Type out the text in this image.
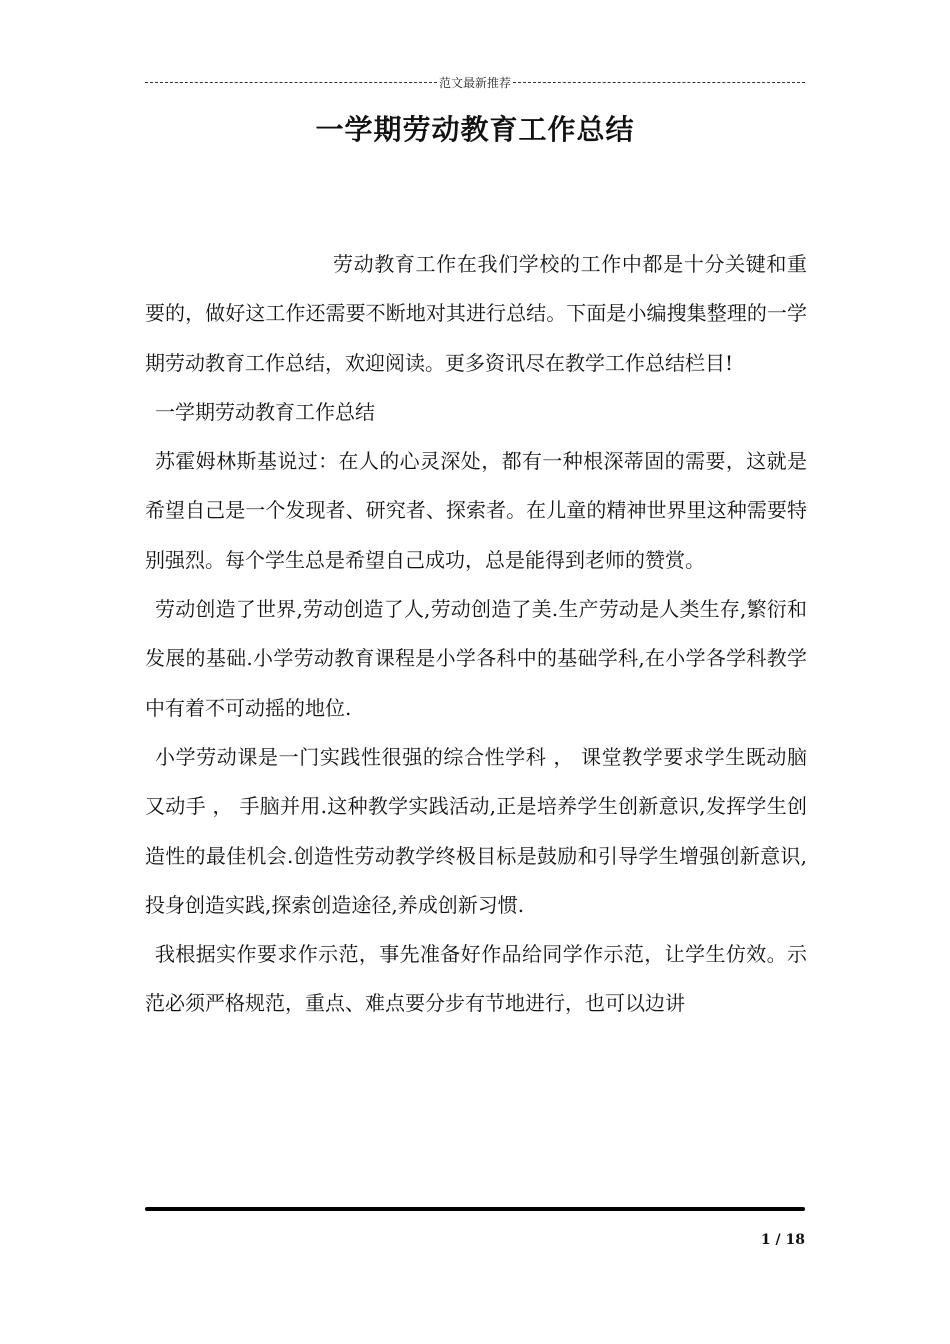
范文最新推荐
一学期劳动教育工作总结

劳动教育工作在我们学校的工作中都是十分关键和重要的，做好这工作还需要不断地对其进行总结。下面是小编搜集整理的一学期劳动教育工作总结，欢迎阅读。更多资讯尽在教学工作总结栏目!

一学期劳动教育工作总结

苏霍姆林斯基说过：在人的心灵深处，都有一种根深蒂固的需要，这就是希望自己是一个发现者、研究者、探索者。在儿童的精神世界里这种需要特别强烈。每个学生总是希望自己成功，总是能得到老师的赞赏。

劳动创造了世界,劳动创造了人,劳动创造了美.生产劳动是人类生存,繁衍和发展的基础.小学劳动教育课程是小学各科中的基础学科,在小学各学科教学中有着不可动摇的地位.

小学劳动课是一门实践性很强的综合性学科 ， 课堂教学要求学生既动脑又动手 ， 手脑并用.这种教学实践活动,正是培养学生创新意识,发挥学生创造性的最佳机会.创造性劳动教学终极目标是鼓励和引导学生增强创新意识,投身创造实践,探索创造途径,养成创新习惯.

我根据实作要求作示范，事先准备好作品给同学作示范，让学生仿效。示范必须严格规范，重点、难点要分步有节地进行，也可以边讲

1 / 18
